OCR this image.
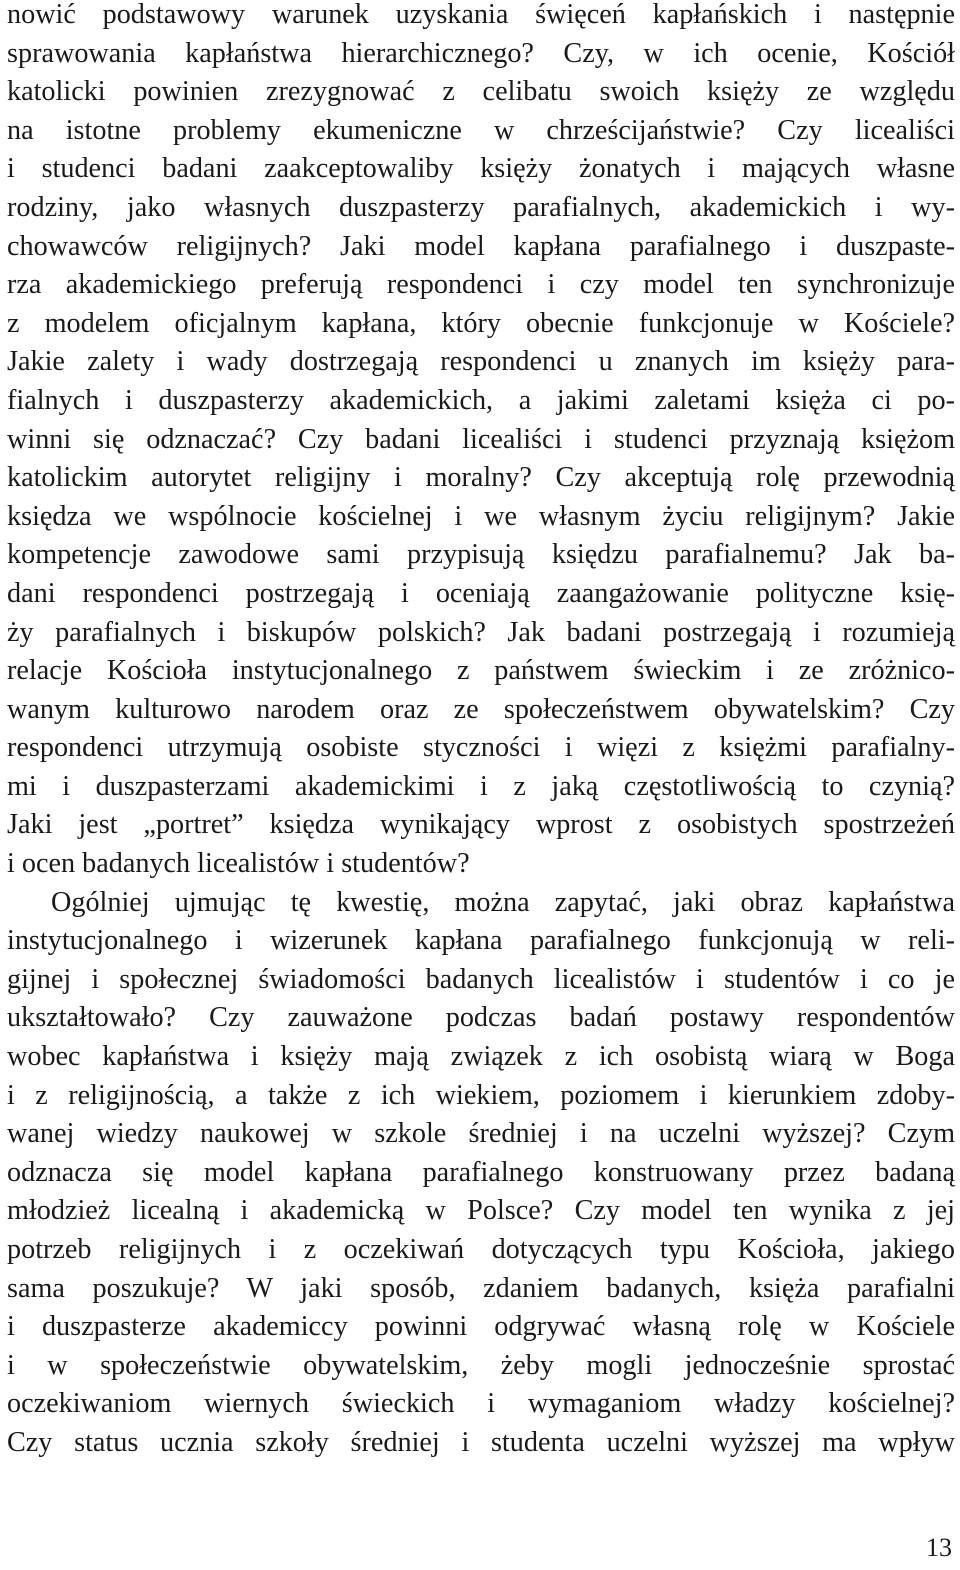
nowić podstawowy warunek uzyskania święceń kapłańskich i następnie
sprawowania kapłaństwa hierarchicznego? Czy, w ich ocenie, Kościół
katolicki powinien zrezygnować z celibatu swoich księży ze względu
na istotne problemy ekumeniczne w chrześcijaństwie? Czy licealiści
i studenci badani zaakceptowaliby księży żonatych i mających własne
rodziny, jako własnych duszpasterzy parafialnych, akademickich i wy-
chowawców religijnych? Jaki model kapłana parafialnego i duszpaste-
rza akademickiego preferują respondenci i czy model ten synchronizuje
z modelem oficjalnym kapłana, który obecnie funkcjonuje w Kościele?
Jakie zalety i wady dostrzegają respondenci u znanych im księży para-
fialnych i duszpasterzy akademickich, a jakimi zaletami księża ci po-
winni się odznaczać? Czy badani licealiści i studenci przyznają księżom
katolickim autorytet religijny i moralny? Czy akceptują rolę przewodnią
księdza we wspólnocie kościelnej i we własnym życiu religijnym? Jakie
kompetencje zawodowe sami przypisują księdzu parafialnemu? Jak ba-
dani respondenci postrzegają i oceniają zaangażowanie polityczne księ-
ży parafialnych i biskupów polskich? Jak badani postrzegają i rozumieją
relacje Kościoła instytucjonalnego z państwem świeckim i ze zróżnico-
wanym kulturowo narodem oraz ze społeczeństwem obywatelskim? Czy
respondenci utrzymują osobiste styczności i więzi z księżmi parafialny-
mi i duszpasterzami akademickimi i z jaką częstotliwością to czynią?
Jaki jest „portret” księdza wynikający wprost z osobistych spostrzeżeń
i ocen badanych licealistów i studentów?
Ogólniej ujmując tę kwestię, można zapytać, jaki obraz kapłaństwa
instytucjonalnego i wizerunek kapłana parafialnego funkcjonują w reli-
gijnej i społecznej świadomości badanych licealistów i studentów i co je
ukształtowało? Czy zauważone podczas badań postawy respondentów
wobec kapłaństwa i księży mają związek z ich osobistą wiarą w Boga
i z religijnością, a także z ich wiekiem, poziomem i kierunkiem zdoby-
wanej wiedzy naukowej w szkole średniej i na uczelni wyższej? Czym
odznacza się model kapłana parafialnego konstruowany przez badaną
młodzież licealną i akademicką w Polsce? Czy model ten wynika z jej
potrzeb religijnych i z oczekiwań dotyczących typu Kościoła, jakiego
sama poszukuje? W jaki sposób, zdaniem badanych, księża parafialni
i duszpasterze akademiccy powinni odgrywać własną rolę w Kościele
i w społeczeństwie obywatelskim, żeby mogli jednocześnie sprostać
oczekiwaniom wiernych świeckich i wymaganiom władzy kościelnej?
Czy status ucznia szkoły średniej i studenta uczelni wyższej ma wpływ
13
